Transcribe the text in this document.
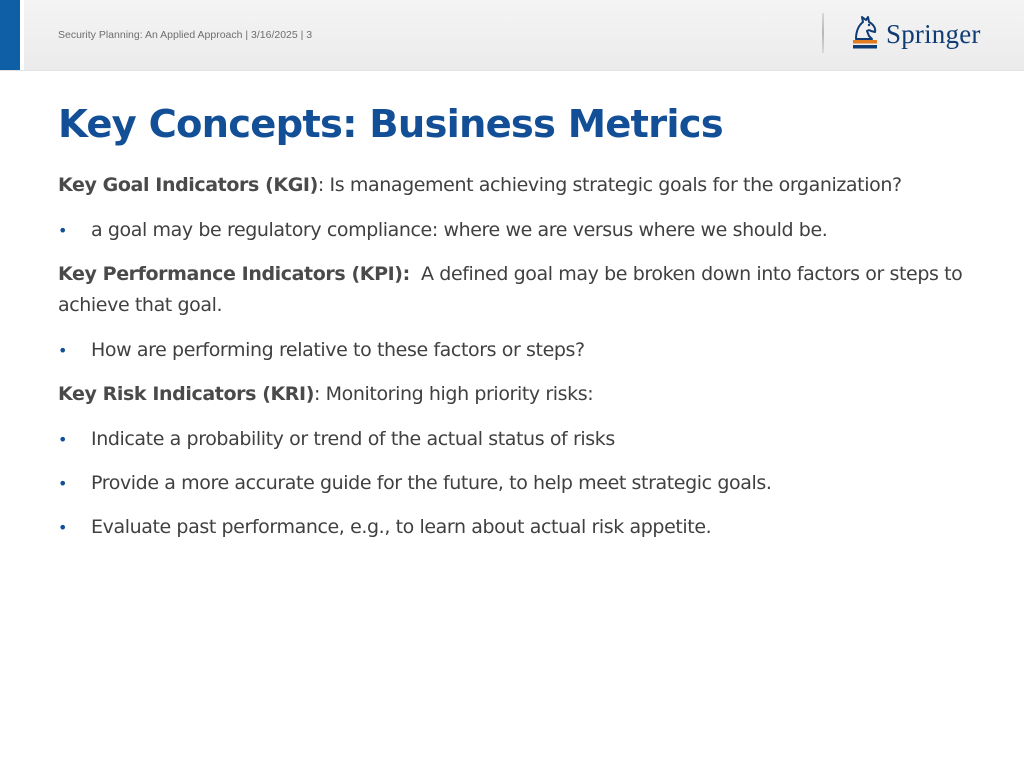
Security Planning: An Applied Approach | 3/16/2025 | 3	Springer
Key Concepts: Business Metrics

Key Goal Indicators (KGI): Is management achieving strategic goals for the organization?

• a goal may be regulatory compliance: where we are versus where we should be.

Key Performance Indicators (KPI):  A defined goal may be broken down into factors or steps to achieve that goal.

• How are performing relative to these factors or steps?

Key Risk Indicators (KRI): Monitoring high priority risks:

• Indicate a probability or trend of the actual status of risks
• Provide a more accurate guide for the future, to help meet strategic goals.
• Evaluate past performance, e.g., to learn about actual risk appetite.
